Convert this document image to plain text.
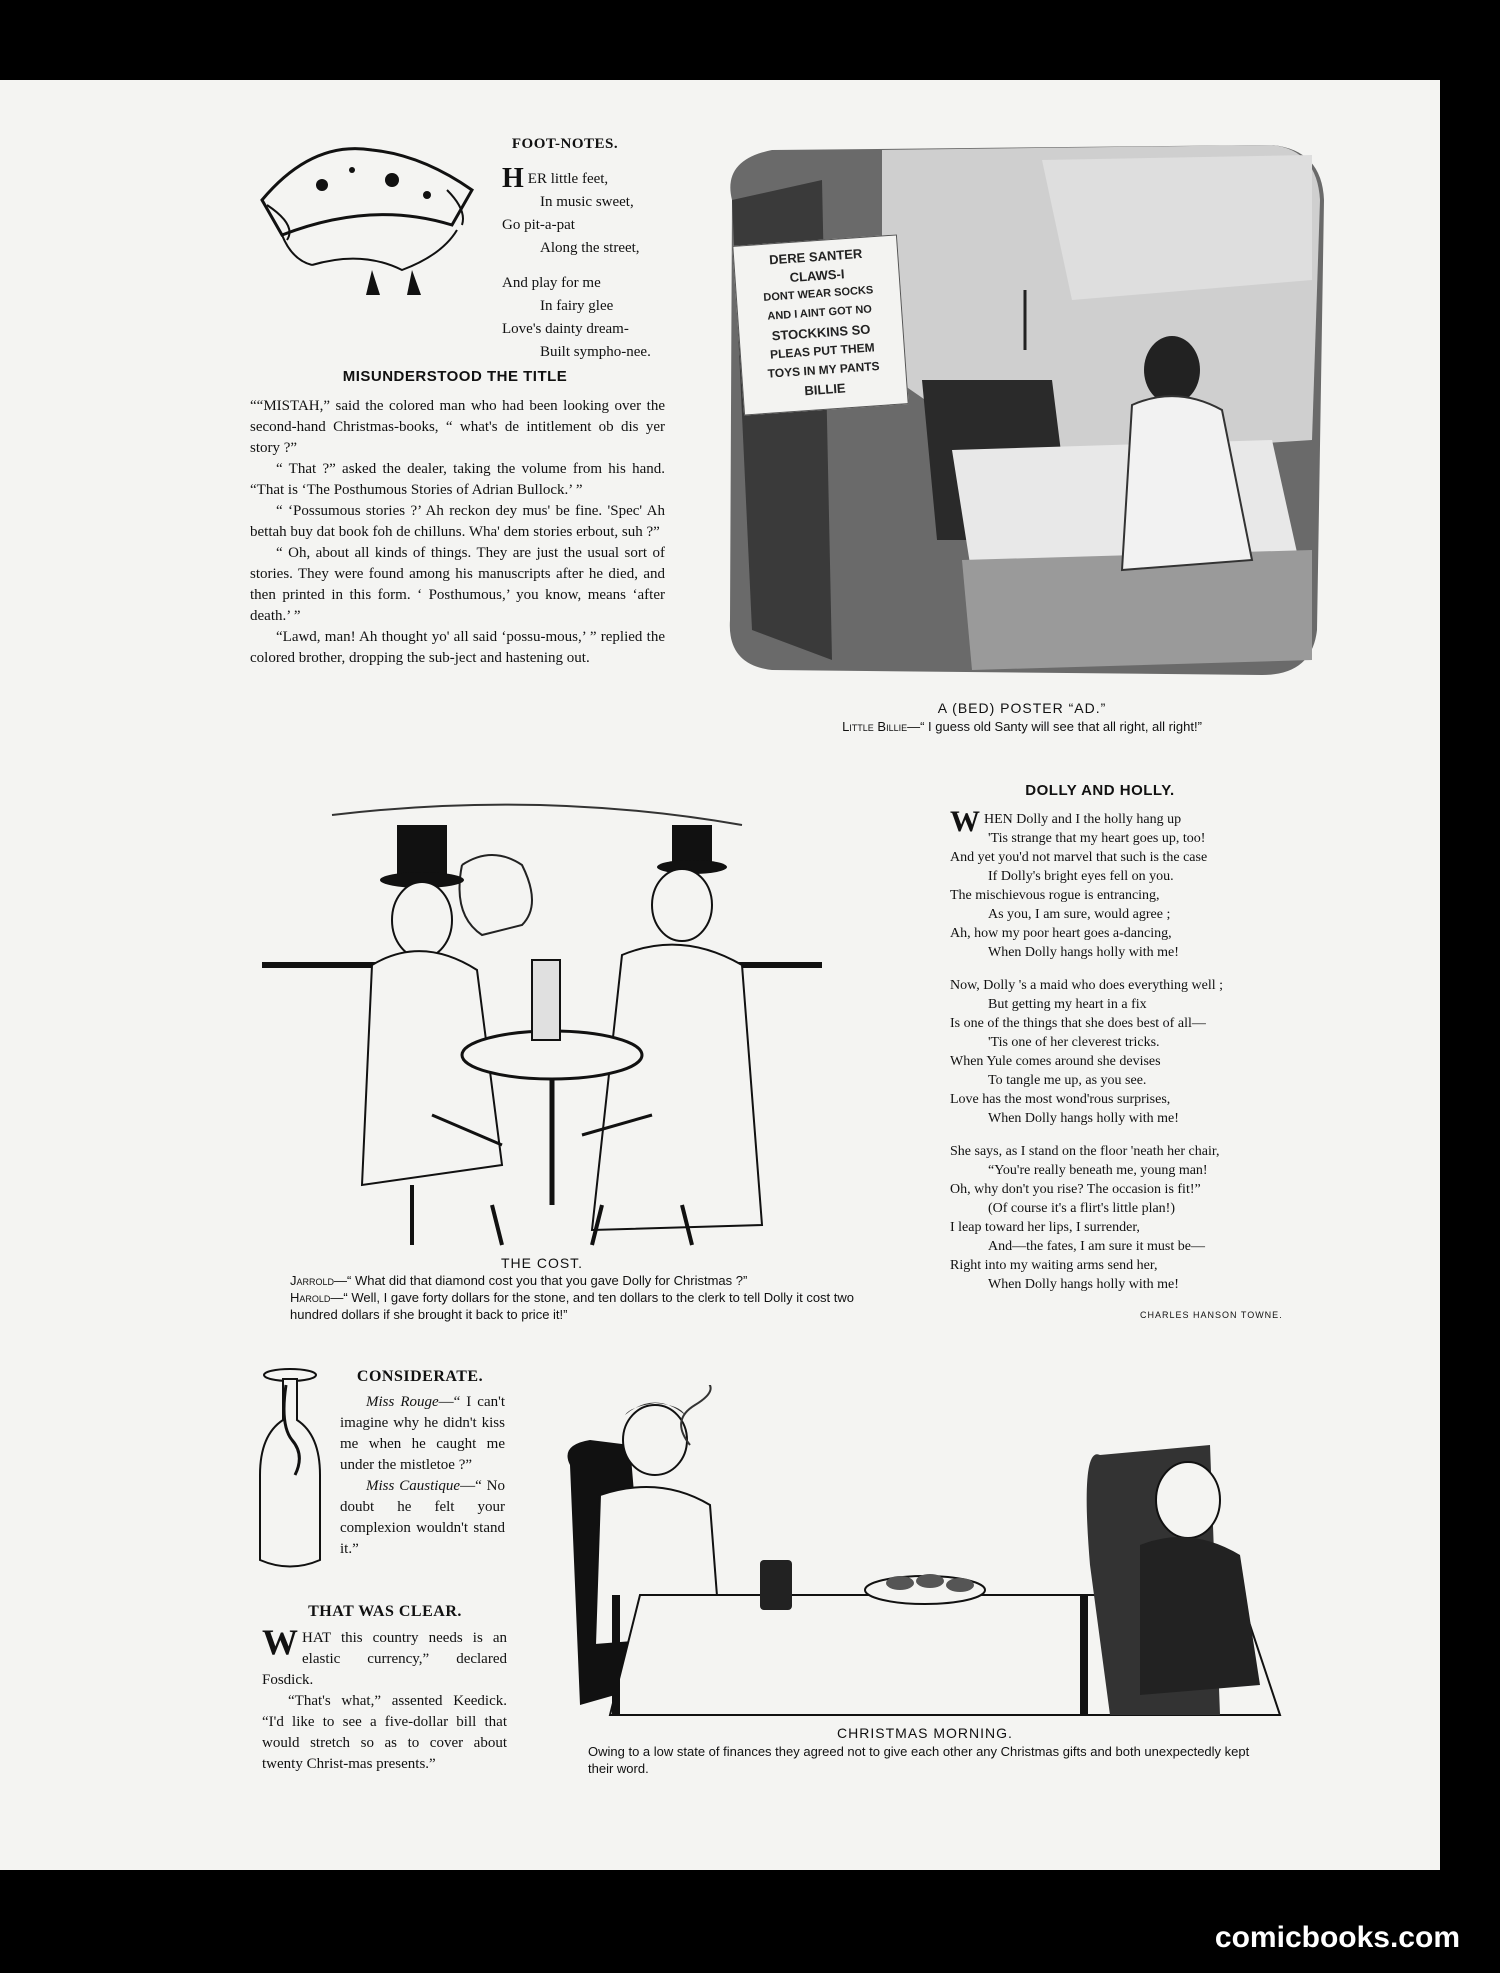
FOOT-NOTES.
HER little feet,
In music sweet,
Go pit-a-pat
Along the street,
And play for me
In fairy glee
Love's dainty dream-
Built sympho-nee.
MISUNDERSTOOD THE TITLE

““MISTAH,” said the colored man who had been looking over the second-hand Christmas-books, “ what's de intitlement ob dis yer story ?”

“ That ?” asked the dealer, taking the volume from his hand. “That is ‘The Posthumous Stories of Adrian Bullock.’ ”

“ ‘Possumous stories ?’ Ah reckon dey mus' be fine. 'Spec' Ah bettah buy dat book foh de chilluns. Wha' dem stories erbout, suh ?”

“ Oh, about all kinds of things. They are just the usual sort of stories. They were found among his manuscripts after he died, and then printed in this form. ‘ Posthumous,’ you know, means ‘after death.’ ”

“Lawd, man! Ah thought yo' all said ‘possu-mous,’ ” replied the colored brother, dropping the sub-ject and hastening out.

DERE SANTER
CLAWS-I
DONT WEAR SOCKS
AND I AINT GOT NO
STOCKKINS SO
PLEAS PUT THEM
TOYS IN MY PANTS
BILLIE
A (BED) POSTER “AD.”
Little Billie—“ I guess old Santy will see that all right, all right!”
THE COST.
Jarrold—“ What did that diamond cost you that you gave Dolly for Christmas ?”
Harold—“ Well, I gave forty dollars for the stone, and ten dollars to the clerk to tell Dolly it cost two hundred dollars if she brought it back to price it!”
DOLLY AND HOLLY.
WHEN Dolly and I the holly hang up
'Tis strange that my heart goes up, too!
And yet you'd not marvel that such is the case
If Dolly's bright eyes fell on you.
The mischievous rogue is entrancing,
As you, I am sure, would agree ;
Ah, how my poor heart goes a-dancing,
When Dolly hangs holly with me!
Now, Dolly 's a maid who does everything well ;
But getting my heart in a fix
Is one of the things that she does best of all—
'Tis one of her cleverest tricks.
When Yule comes around she devises
To tangle me up, as you see.
Love has the most wond'rous surprises,
When Dolly hangs holly with me!
She says, as I stand on the floor 'neath her chair,
“You're really beneath me, young man!
Oh, why don't you rise? The occasion is fit!”
(Of course it's a flirt's little plan!)
I leap toward her lips, I surrender,
And—the fates, I am sure it must be—
Right into my waiting arms send her,
When Dolly hangs holly with me!
CHARLES HANSON TOWNE.
CONSIDERATE.

Miss Rouge—“ I can't imagine why he didn't kiss me when he caught me under the mistletoe ?”

Miss Caustique—“ No doubt he felt your complexion wouldn't stand it.”

THAT WAS CLEAR.

WHAT this country needs is an elastic currency,” declared Fosdick.

“That's what,” assented Keedick. “I'd like to see a five-dollar bill that would stretch so as to cover about twenty Christ-mas presents.”

CHRISTMAS MORNING.
Owing to a low state of finances they agreed not to give each other any Christmas gifts and both unexpectedly kept their word.
comicbooks.com
